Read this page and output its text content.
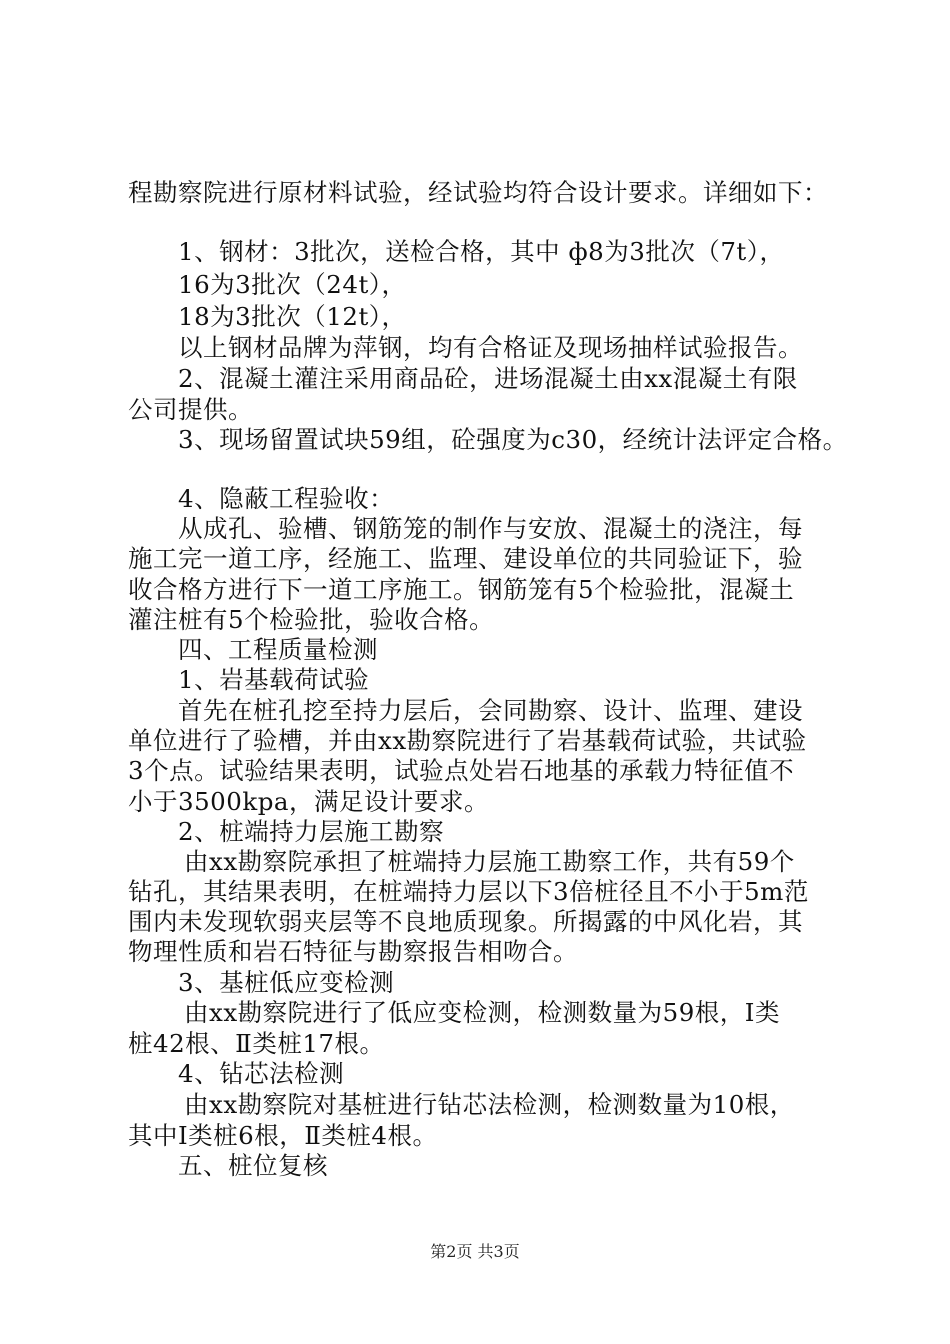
程勘察院进行原材料试验，经试验均符合设计要求。详细如下：
1、钢材：3批次，送检合格，其中 ф8为3批次（7t），
16为3批次（24t），
18为3批次（12t），
以上钢材品牌为萍钢，均有合格证及现场抽样试验报告。
2、混凝土灌注采用商品砼，进场混凝土由xx混凝土有限
公司提供。
3、现场留置试块59组，砼强度为c30，经统计法评定合格。
4、隐蔽工程验收：
从成孔、验槽、钢筋笼的制作与安放、混凝土的浇注，每
施工完一道工序，经施工、监理、建设单位的共同验证下，验
收合格方进行下一道工序施工。钢筋笼有5个检验批，混凝土
灌注桩有5个检验批，验收合格。
四、工程质量检测
1、岩基载荷试验
首先在桩孔挖至持力层后，会同勘察、设计、监理、建设
单位进行了验槽，并由xx勘察院进行了岩基载荷试验，共试验
3个点。试验结果表明，试验点处岩石地基的承载力特征值不
小于3500kpa，满足设计要求。
2、桩端持力层施工勘察
由xx勘察院承担了桩端持力层施工勘察工作，共有59个
钻孔，其结果表明，在桩端持力层以下3倍桩径且不小于5m范
围内未发现软弱夹层等不良地质现象。所揭露的中风化岩，其
物理性质和岩石特征与勘察报告相吻合。
3、基桩低应变检测
由xx勘察院进行了低应变检测，检测数量为59根，Ⅰ类
桩42根、Ⅱ类桩17根。
4、钻芯法检测
由xx勘察院对基桩进行钻芯法检测，检测数量为10根，
其中Ⅰ类桩6根，Ⅱ类桩4根。
五、桩位复核
第2页 共3页
